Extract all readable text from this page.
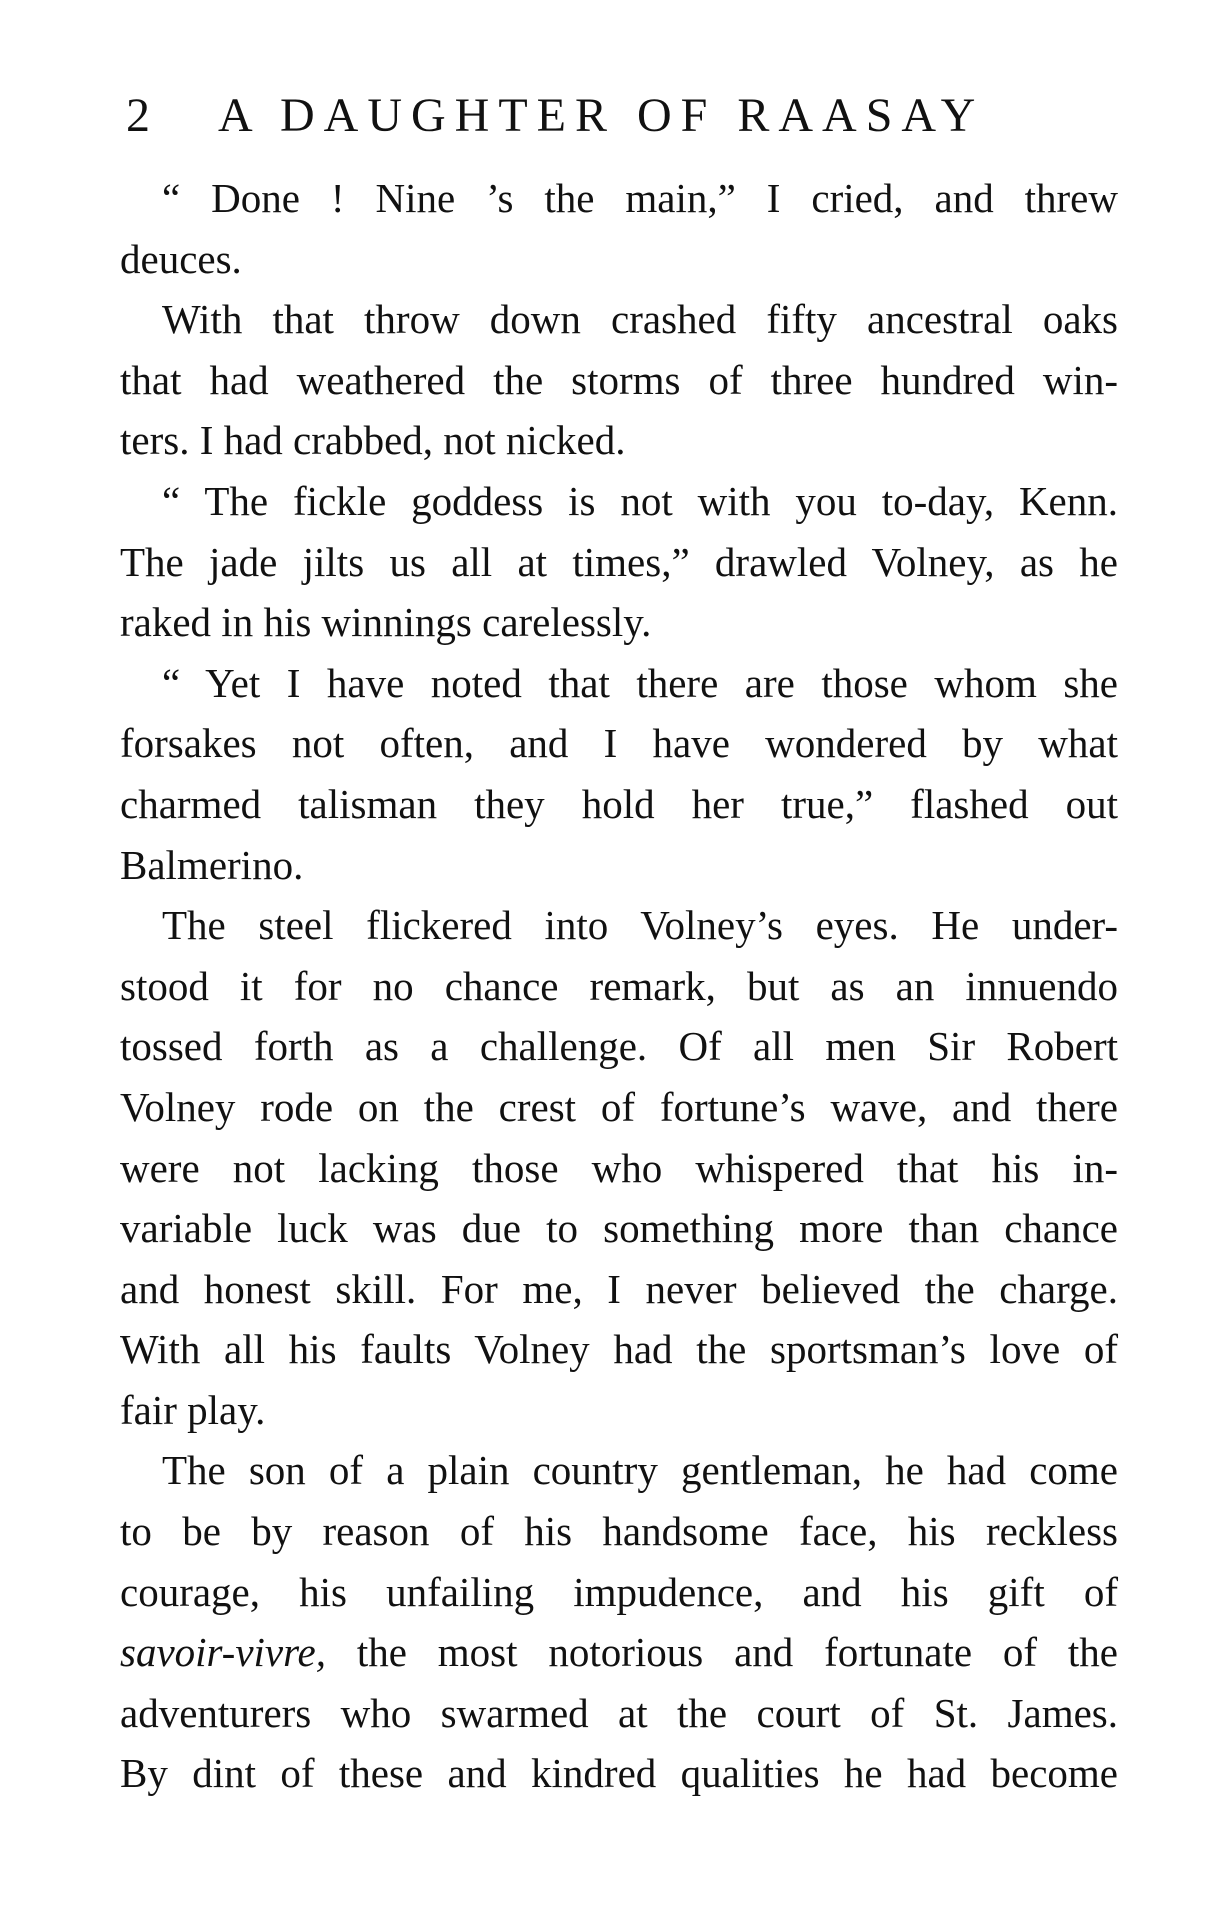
2 A DAUGHTER OF RAASAY
“ Done ! Nine ’s the main,” I cried, and threw
deuces.
With that throw down crashed fifty ancestral oaks
that had weathered the storms of three hundred win-
ters. I had crabbed, not nicked.
“ The fickle goddess is not with you to-day, Kenn.
The jade jilts us all at times,” drawled Volney, as he
raked in his winnings carelessly.
“ Yet I have noted that there are those whom she
forsakes not often, and I have wondered by what
charmed talisman they hold her true,” flashed out
Balmerino.
The steel flickered into Volney’s eyes. He under-
stood it for no chance remark, but as an innuendo
tossed forth as a challenge. Of all men Sir Robert
Volney rode on the crest of fortune’s wave, and there
were not lacking those who whispered that his in-
variable luck was due to something more than chance
and honest skill. For me, I never believed the charge.
With all his faults Volney had the sportsman’s love of
fair play.
The son of a plain country gentleman, he had come
to be by reason of his handsome face, his reckless
courage, his unfailing impudence, and his gift of
savoir-vivre, the most notorious and fortunate of the
adventurers who swarmed at the court of St. James.
By dint of these and kindred qualities he had become
